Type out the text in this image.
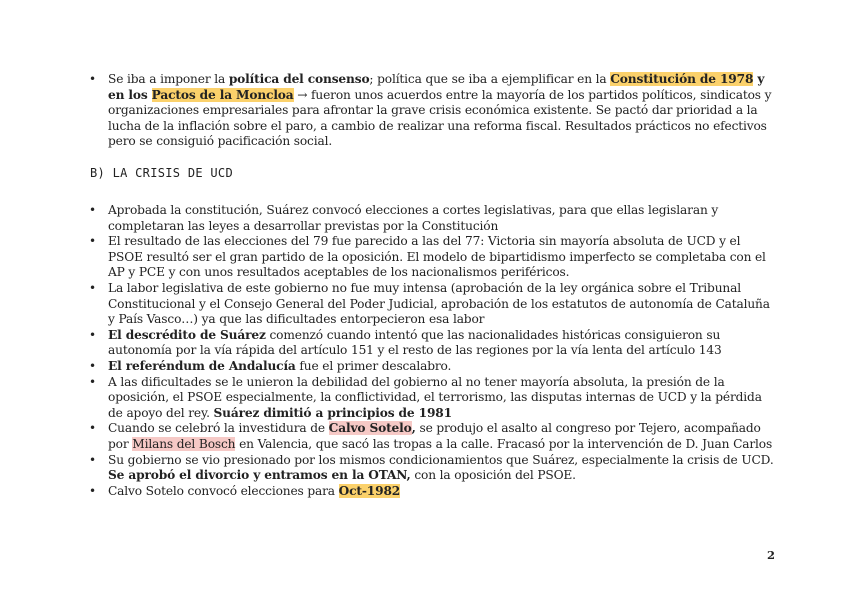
• Se iba a imponer la política del consenso; política que se iba a ejemplificar en la Constitución de 1978 y en los Pactos de la Moncloa → fueron unos acuerdos entre la mayoría de los partidos políticos, sindicatos y organizaciones empresariales para afrontar la grave crisis económica existente. Se pactó dar prioridad a la lucha de la inflación sobre el paro, a cambio de realizar una reforma fiscal. Resultados prácticos no efectivos pero se consiguió pacificación social.
B) LA CRISIS DE UCD
• Aprobada la constitución, Suárez convocó elecciones a cortes legislativas, para que ellas legislaran y completaran las leyes a desarrollar previstas por la Constitución
• El resultado de las elecciones del 79 fue parecido a las del 77: Victoria sin mayoría absoluta de UCD y el PSOE resultó ser el gran partido de la oposición. El modelo de bipartidismo imperfecto se completaba con el AP y PCE y con unos resultados aceptables de los nacionalismos periféricos.
• La labor legislativa de este gobierno no fue muy intensa (aprobación de la ley orgánica sobre el Tribunal Constitucional y el Consejo General del Poder Judicial, aprobación de los estatutos de autonomía de Cataluña y País Vasco…) ya que las dificultades entorpecieron esa labor
• El descrédito de Suárez comenzó cuando intentó que las nacionalidades históricas consiguieron su autonomía por la vía rápida del artículo 151 y el resto de las regiones por la vía lenta del artículo 143
• El referéndum de Andalucía fue el primer descalabro.
• A las dificultades se le unieron la debilidad del gobierno al no tener mayoría absoluta, la presión de la oposición, el PSOE especialmente, la conflictividad, el terrorismo, las disputas internas de UCD y la pérdida de apoyo del rey. Suárez dimitió a principios de 1981
• Cuando se celebró la investidura de Calvo Sotelo, se produjo el asalto al congreso por Tejero, acompañado por Milans del Bosch en Valencia, que sacó las tropas a la calle. Fracasó por la intervención de D. Juan Carlos
• Su gobierno se vio presionado por los mismos condicionamientos que Suárez, especialmente la crisis de UCD. Se aprobó el divorcio y entramos en la OTAN, con la oposición del PSOE.
• Calvo Sotelo convocó elecciones para Oct-1982
2
